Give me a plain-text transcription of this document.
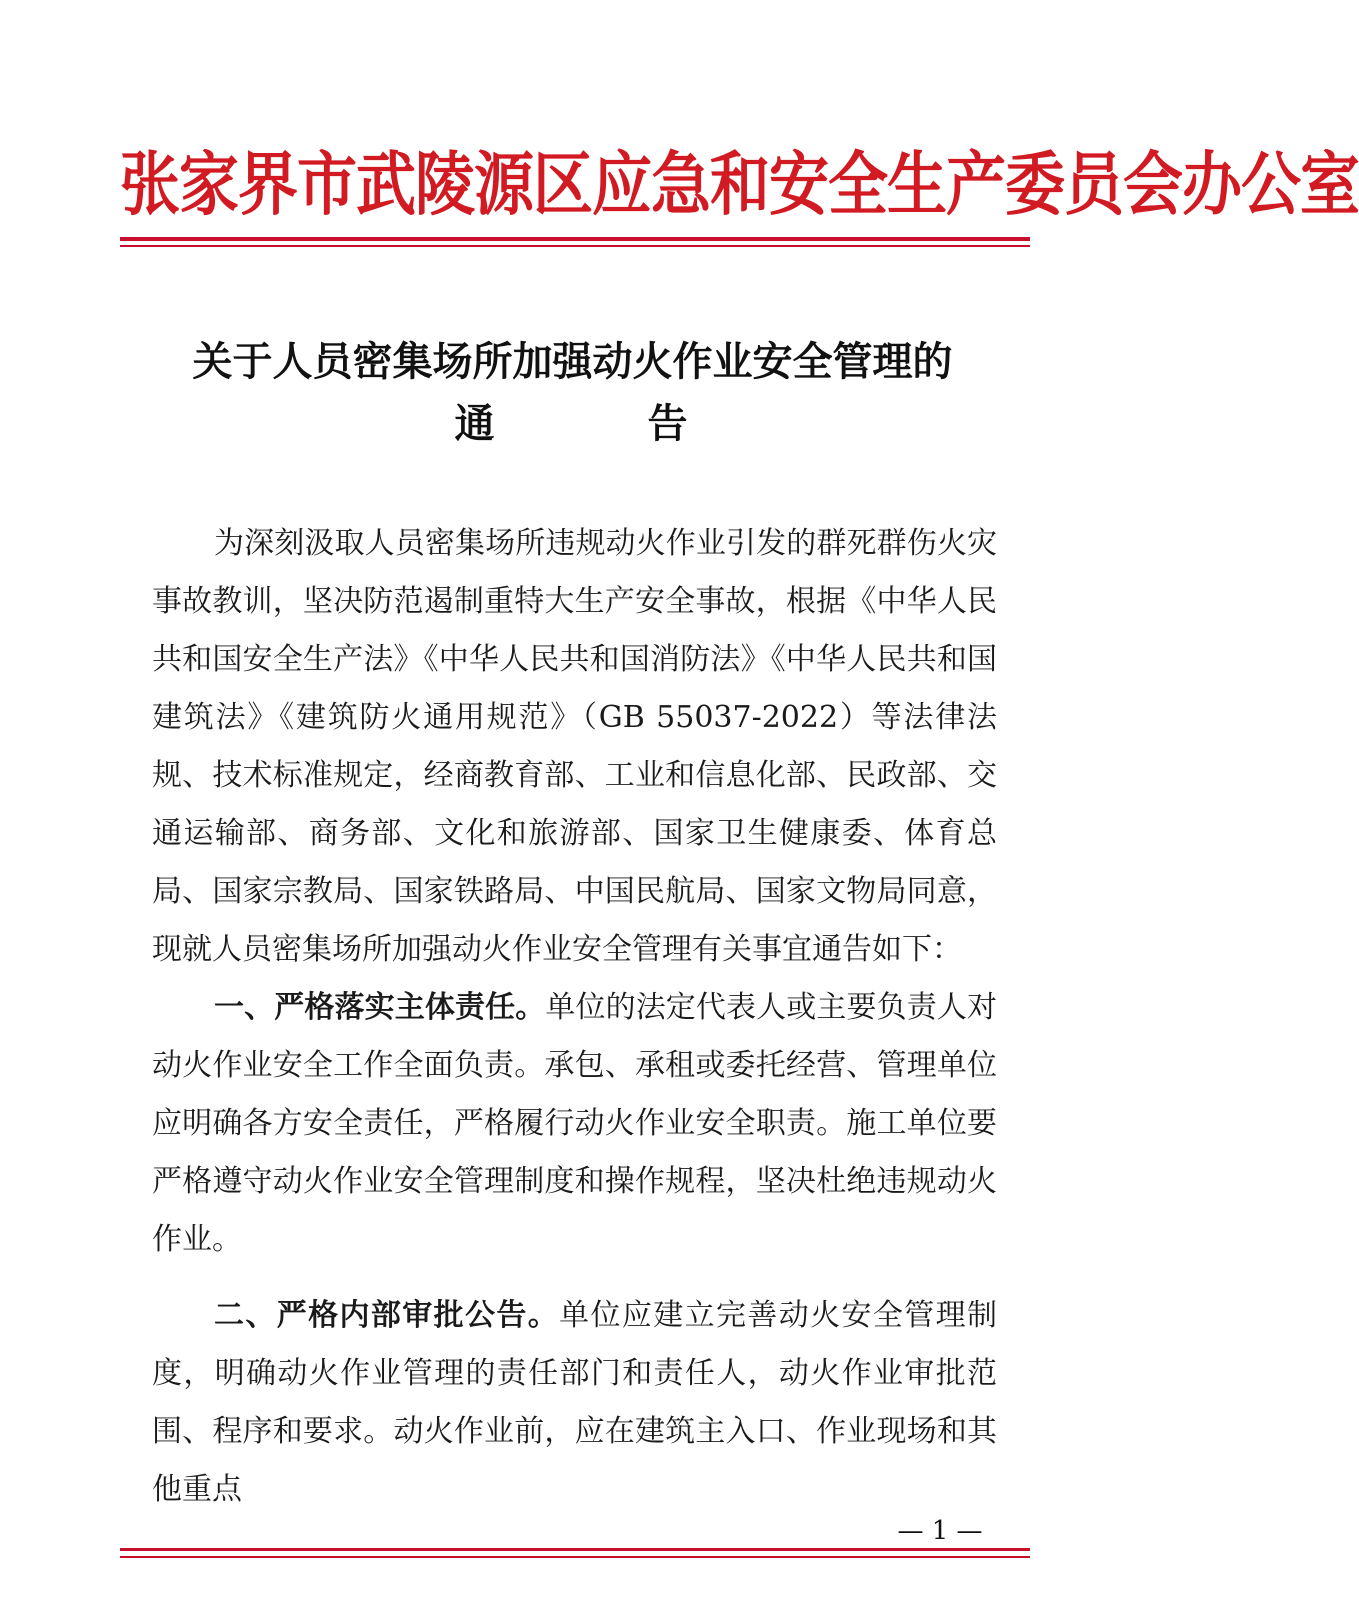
张家界市武陵源区应急和安全生产委员会办公室
关于人员密集场所加强动火作业安全管理的
通	告

为深刻汲取人员密集场所违规动火作业引发的群死群伤火灾事故教训，坚决防范遏制重特大生产安全事故，根据《中华人民共和国安全生产法》《中华人民共和国消防法》《中华人民共和国建筑法》《建筑防火通用规范》（GB 55037-2022）等法律法规、技术标准规定，经商教育部、工业和信息化部、民政部、交通运输部、商务部、文化和旅游部、国家卫生健康委、体育总局、国家宗教局、国家铁路局、中国民航局、国家文物局同意，现就人员密集场所加强动火作业安全管理有关事宜通告如下：

一、严格落实主体责任。单位的法定代表人或主要负责人对动火作业安全工作全面负责。承包、承租或委托经营、管理单位应明确各方安全责任，严格履行动火作业安全职责。施工单位要严格遵守动火作业安全管理制度和操作规程，坚决杜绝违规动火作业。

二、严格内部审批公告。单位应建立完善动火安全管理制度，明确动火作业管理的责任部门和责任人，动火作业审批范围、程序和要求。动火作业前，应在建筑主入口、作业现场和其他重点

— 1 —
